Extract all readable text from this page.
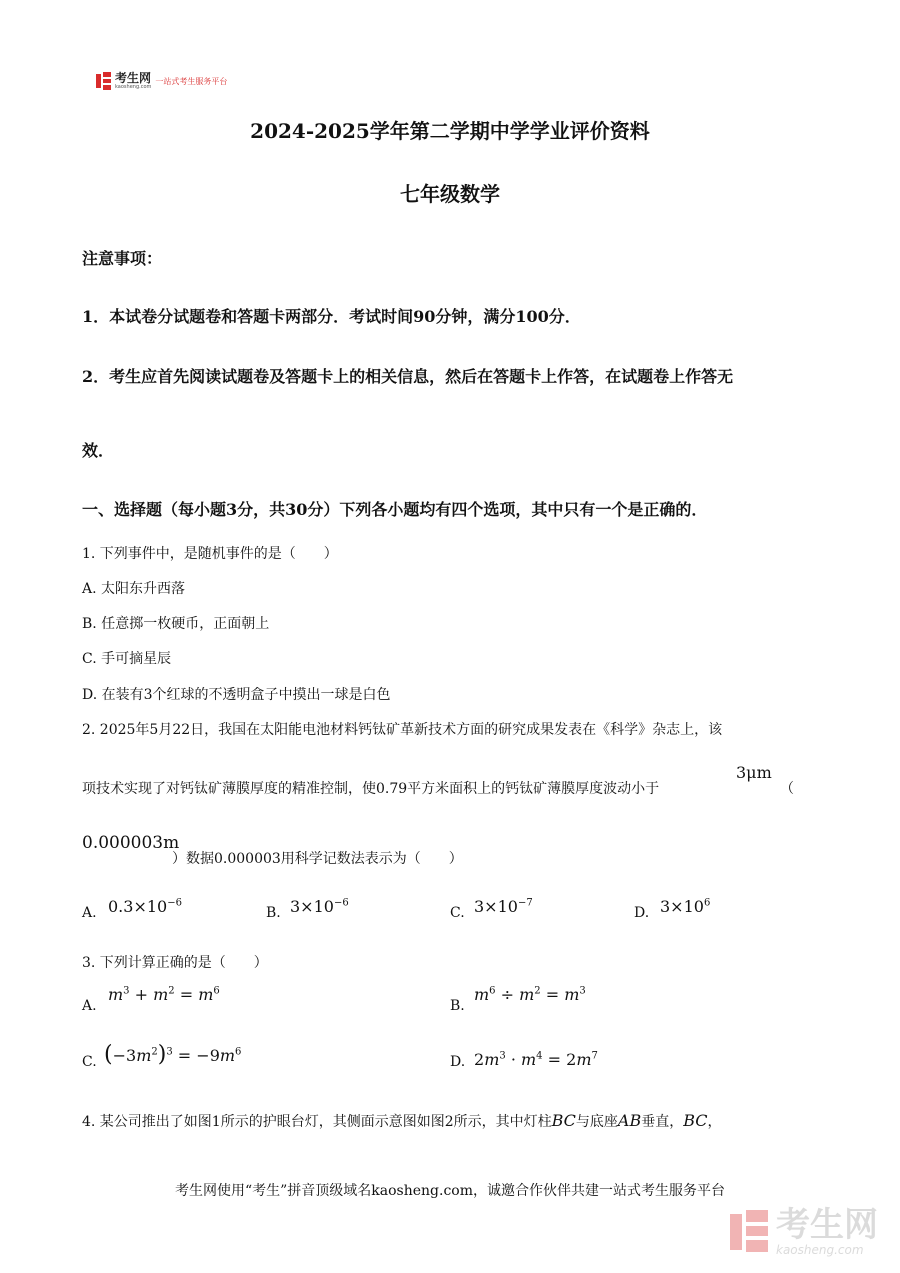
考生网
kaosheng.com
一站式考生服务平台
2024-2025学年第二学期中学学业评价资料
七年级数学
注意事项：
1．本试卷分试题卷和答题卡两部分．考试时间90分钟，满分100分．
2．考生应首先阅读试题卷及答题卡上的相关信息，然后在答题卡上作答，在试题卷上作答无
效．
一、选择题（每小题3分，共30分）下列各小题均有四个选项，其中只有一个是正确的．
1. 下列事件中，是随机事件的是（　　）
A. 太阳东升西落
B. 任意掷一枚硬币，正面朝上
C. 手可摘星辰
D. 在装有3个红球的不透明盒子中摸出一球是白色
2. 2025年5月22日，我国在太阳能电池材料钙钛矿革新技术方面的研究成果发表在《科学》杂志上，该
项技术实现了对钙钛矿薄膜厚度的精准控制，使0.79平方米面积上的钙钛矿薄膜厚度波动小于
3μm
（
0.000003m
）数据0.000003用科学记数法表示为（　　）
A. $0.3\times 10^{-6}$
B. $3\times 10^{-6}$
C. $3\times 10^{-7}$
D. $3\times 10^6$
3. 下列计算正确的是（　　）
A.
$m^3 + m^2 = m^6$
B.
$m^6 \div m^2 = m^3$
C. $(-3m^2)^3 = -9m^6$
D. $2m^3 \cdot m^4 = 2m^7$
4. 某公司推出了如图1所示的护眼台灯，其侧面示意图如图2所示，其中灯柱BC与底座AB垂直，BC，
考生网使用“考生”拼音顶级域名kaosheng.com，诚邀合作伙伴共建一站式考生服务平台
考生网
kaosheng.com
